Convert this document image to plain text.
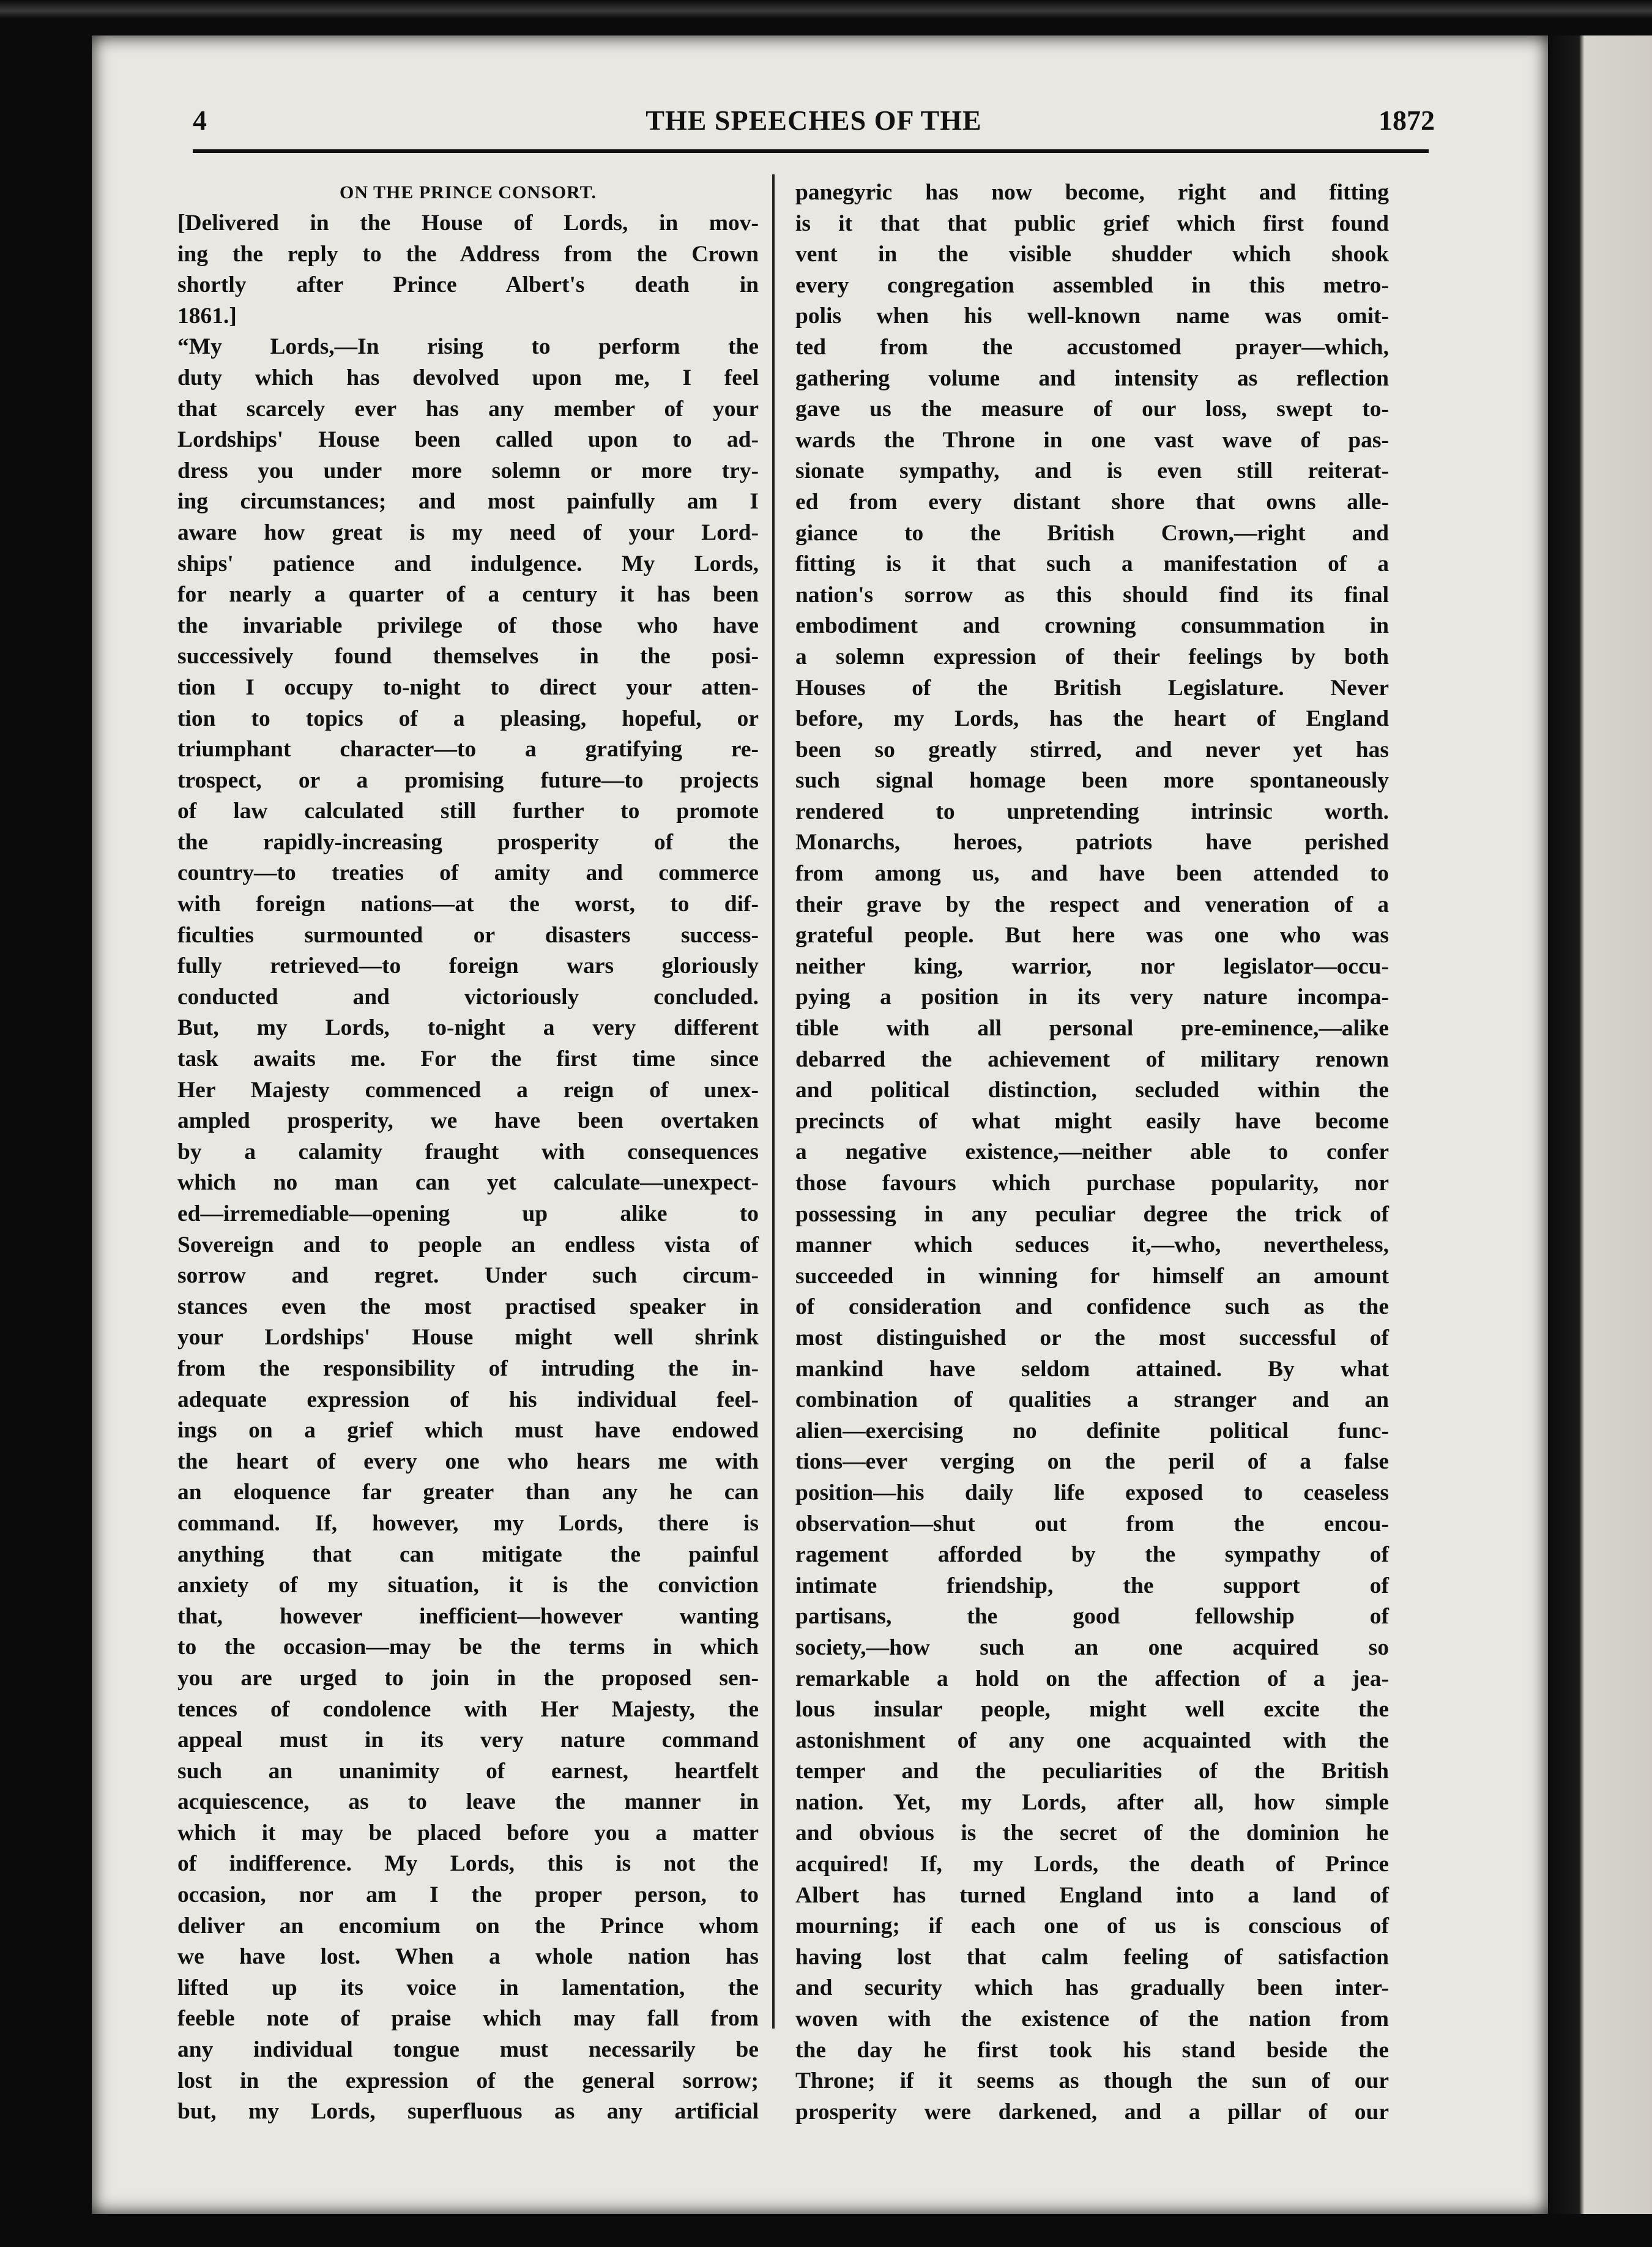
4	THE SPEECHES OF THE	1872
ON THE PRINCE CONSORT.

[Delivered in the House of Lords, in mov-

ing the reply to the Address from the Crown

shortly after Prince Albert's death in

1861.]

“My Lords,—In rising to perform the

duty which has devolved upon me, I feel

that scarcely ever has any member of your

Lordships' House been called upon to ad-

dress you under more solemn or more try-

ing circumstances; and most painfully am I

aware how great is my need of your Lord-

ships' patience and indulgence. My Lords,

for nearly a quarter of a century it has been

the invariable privilege of those who have

successively found themselves in the posi-

tion I occupy to-night to direct your atten-

tion to topics of a pleasing, hopeful, or

triumphant character—to a gratifying re-

trospect, or a promising future—to projects

of law calculated still further to promote

the rapidly-increasing prosperity of the

country—to treaties of amity and commerce

with foreign nations—at the worst, to dif-

ficulties surmounted or disasters success-

fully retrieved—to foreign wars gloriously

conducted and victoriously concluded.

But, my Lords, to-night a very different

task awaits me. For the first time since

Her Majesty commenced a reign of unex-

ampled prosperity, we have been overtaken

by a calamity fraught with consequences

which no man can yet calculate—unexpect-

ed—irremediable—opening up alike to

Sovereign and to people an endless vista of

sorrow and regret. Under such circum-

stances even the most practised speaker in

your Lordships' House might well shrink

from the responsibility of intruding the in-

adequate expression of his individual feel-

ings on a grief which must have endowed

the heart of every one who hears me with

an eloquence far greater than any he can

command. If, however, my Lords, there is

anything that can mitigate the painful

anxiety of my situation, it is the conviction

that, however inefficient—however wanting

to the occasion—may be the terms in which

you are urged to join in the proposed sen-

tences of condolence with Her Majesty, the

appeal must in its very nature command

such an unanimity of earnest, heartfelt

acquiescence, as to leave the manner in

which it may be placed before you a matter

of indifference. My Lords, this is not the

occasion, nor am I the proper person, to

deliver an encomium on the Prince whom

we have lost. When a whole nation has

lifted up its voice in lamentation, the

feeble note of praise which may fall from

any individual tongue must necessarily be

lost in the expression of the general sorrow;

but, my Lords, superfluous as any artificial

panegyric has now become, right and fitting

is it that that public grief which first found

vent in the visible shudder which shook

every congregation assembled in this metro-

polis when his well-known name was omit-

ted from the accustomed prayer—which,

gathering volume and intensity as reflection

gave us the measure of our loss, swept to-

wards the Throne in one vast wave of pas-

sionate sympathy, and is even still reiterat-

ed from every distant shore that owns alle-

giance to the British Crown,—right and

fitting is it that such a manifestation of a

nation's sorrow as this should find its final

embodiment and crowning consummation in

a solemn expression of their feelings by both

Houses of the British Legislature. Never

before, my Lords, has the heart of England

been so greatly stirred, and never yet has

such signal homage been more spontaneously

rendered to unpretending intrinsic worth.

Monarchs, heroes, patriots have perished

from among us, and have been attended to

their grave by the respect and veneration of a

grateful people. But here was one who was

neither king, warrior, nor legislator—occu-

pying a position in its very nature incompa-

tible with all personal pre-eminence,—alike

debarred the achievement of military renown

and political distinction, secluded within the

precincts of what might easily have become

a negative existence,—neither able to confer

those favours which purchase popularity, nor

possessing in any peculiar degree the trick of

manner which seduces it,—who, nevertheless,

succeeded in winning for himself an amount

of consideration and confidence such as the

most distinguished or the most successful of

mankind have seldom attained. By what

combination of qualities a stranger and an

alien—exercising no definite political func-

tions—ever verging on the peril of a false

position—his daily life exposed to ceaseless

observation—shut out from the encou-

ragement afforded by the sympathy of

intimate friendship, the support of

partisans, the good fellowship of

society,—how such an one acquired so

remarkable a hold on the affection of a jea-

lous insular people, might well excite the

astonishment of any one acquainted with the

temper and the peculiarities of the British

nation. Yet, my Lords, after all, how simple

and obvious is the secret of the dominion he

acquired! If, my Lords, the death of Prince

Albert has turned England into a land of

mourning; if each one of us is conscious of

having lost that calm feeling of satisfaction

and security which has gradually been inter-

woven with the existence of the nation from

the day he first took his stand beside the

Throne; if it seems as though the sun of our

prosperity were darkened, and a pillar of our
